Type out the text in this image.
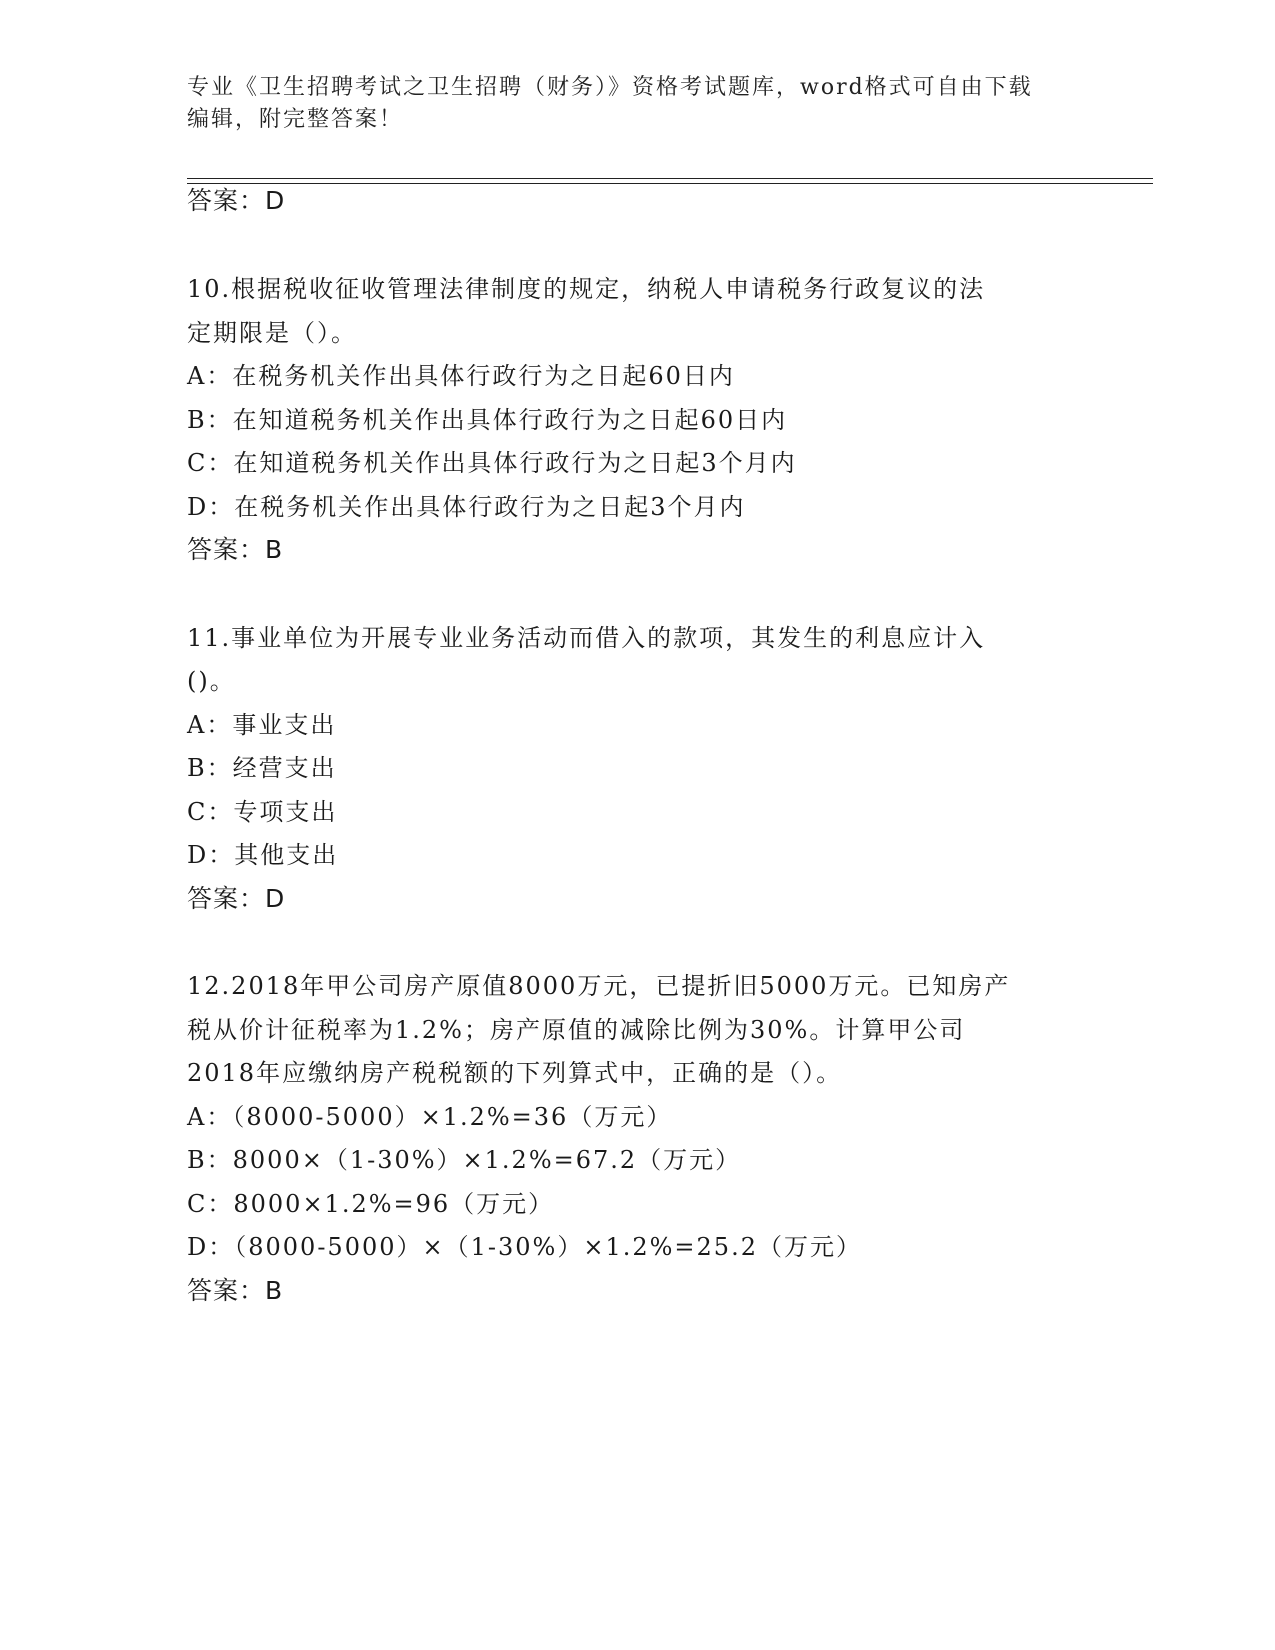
专业《卫生招聘考试之卫生招聘（财务）》资格考试题库，word格式可自由下载
编辑，附完整答案！
答案：D
10.根据税收征收管理法律制度的规定，纳税人申请税务行政复议的法
定期限是（）。
A：在税务机关作出具体行政行为之日起60日内
B：在知道税务机关作出具体行政行为之日起60日内
C：在知道税务机关作出具体行政行为之日起3个月内
D：在税务机关作出具体行政行为之日起3个月内
答案：B
11.事业单位为开展专业业务活动而借入的款项，其发生的利息应计入
()。
A：事业支出
B：经营支出
C：专项支出
D：其他支出
答案：D
12.2018年甲公司房产原值8000万元，已提折旧5000万元。已知房产
税从价计征税率为1.2%；房产原值的减除比例为30%。计算甲公司
2018年应缴纳房产税税额的下列算式中，正确的是（）。
A：（8000-5000）×1.2%=36（万元）
B：8000×（1-30%）×1.2%=67.2（万元）
C：8000×1.2%=96（万元）
D：（8000-5000）×（1-30%）×1.2%=25.2（万元）
答案：B
